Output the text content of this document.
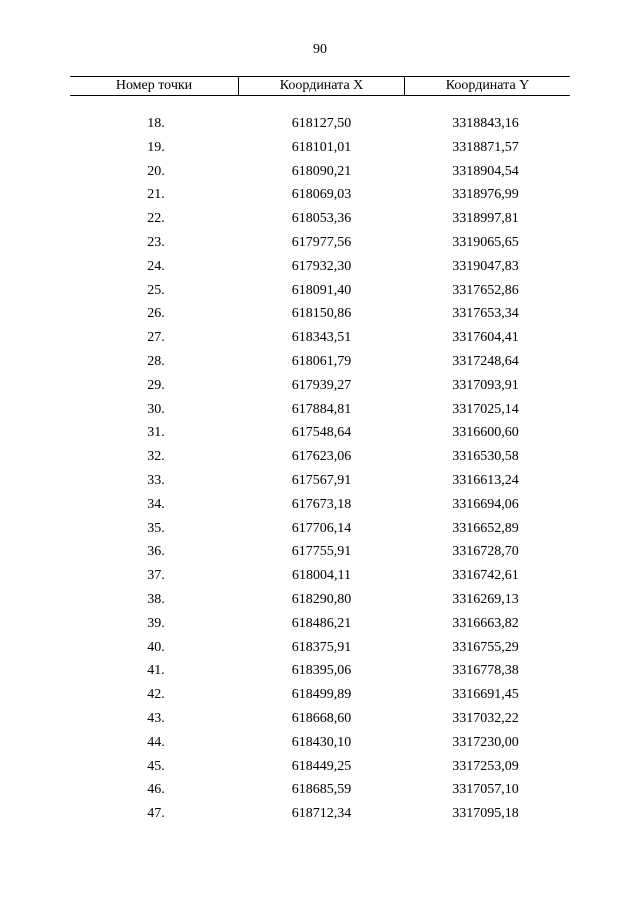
90
Номер точки	Координата X	Координата Y
18.	618127,50	3318843,16
19.	618101,01	3318871,57
20.	618090,21	3318904,54
21.	618069,03	3318976,99
22.	618053,36	3318997,81
23.	617977,56	3319065,65
24.	617932,30	3319047,83
25.	618091,40	3317652,86
26.	618150,86	3317653,34
27.	618343,51	3317604,41
28.	618061,79	3317248,64
29.	617939,27	3317093,91
30.	617884,81	3317025,14
31.	617548,64	3316600,60
32.	617623,06	3316530,58
33.	617567,91	3316613,24
34.	617673,18	3316694,06
35.	617706,14	3316652,89
36.	617755,91	3316728,70
37.	618004,11	3316742,61
38.	618290,80	3316269,13
39.	618486,21	3316663,82
40.	618375,91	3316755,29
41.	618395,06	3316778,38
42.	618499,89	3316691,45
43.	618668,60	3317032,22
44.	618430,10	3317230,00
45.	618449,25	3317253,09
46.	618685,59	3317057,10
47.	618712,34	3317095,18
